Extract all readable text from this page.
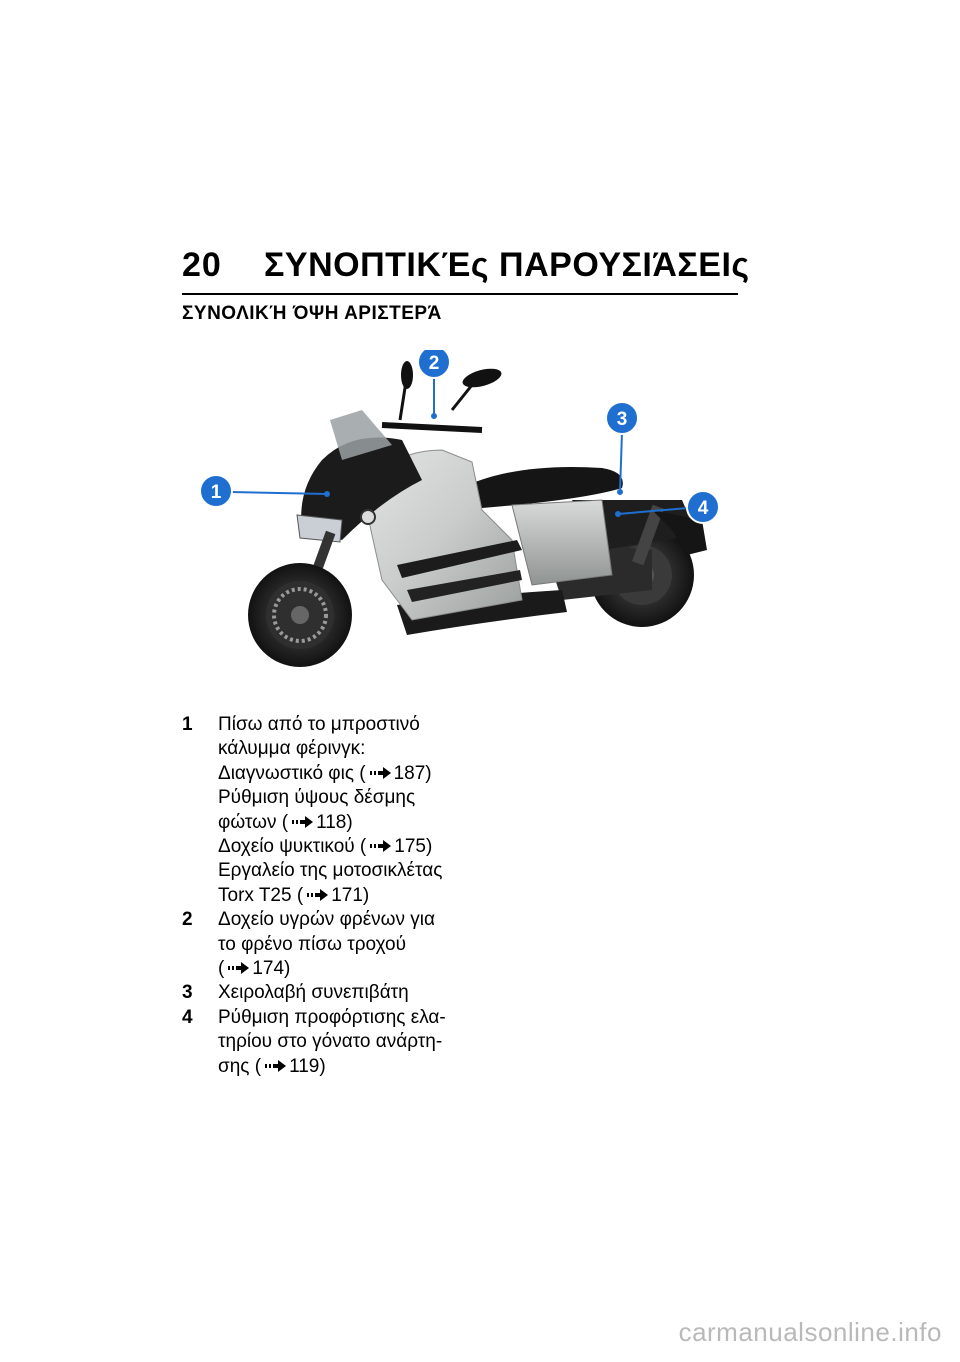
20 ΣΥΝΟΠΤΙΚΈς ΠΑΡΟΥΣΙΆΣΕΙς
ΣΥΝΟΛΙΚΉ ΌΨΗ ΑΡΙΣΤΕΡΆ
1
2
3
4
1 Πίσω από το μπροστινό
κάλυμμα φέρινγκ:
Διαγνωστικό φις ( 187)
Ρύθμιση ύψους δέσμης
φώτων ( 118)
Δοχείο ψυκτικού ( 175)
Εργαλείο της μοτοσικλέτας
Torx T25 ( 171)
2 Δοχείο υγρών φρένων για
το φρένο πίσω τροχού
( 174)
3 Χειρολαβή συνεπιβάτη
4 Ρύθμιση προφόρτισης ελα-
τηρίου στο γόνατο ανάρτη-
σης ( 119)
carmanualsonline.info
